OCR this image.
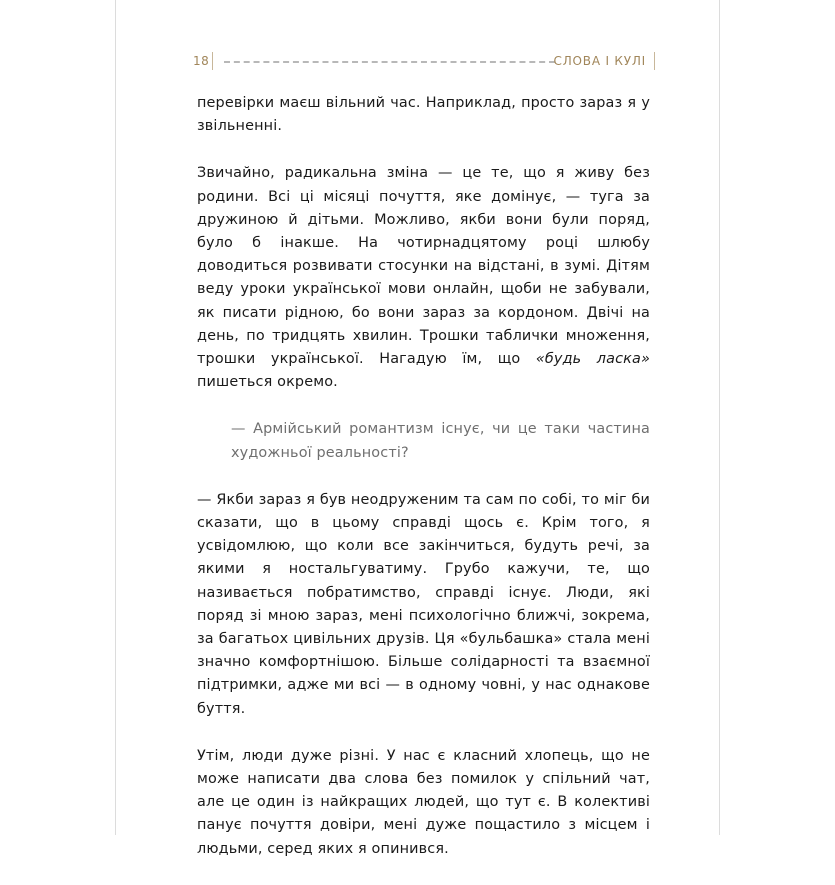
18	СЛОВА І КУЛІ

перевірки маєш вільний час. Наприклад, просто зараз я у звільненні.

Звичайно, радикальна зміна — це те, що я живу без родини. Всі ці місяці почуття, яке домінує, — туга за дружиною й дітьми. Можливо, якби вони були поряд, було б інакше. На чотирнадцятому році шлюбу доводиться розвивати стосунки на відстані, в зумі. Дітям веду уроки української мови онлайн, щоби не забували, як писати рідною, бо вони зараз за кордоном. Двічі на день, по тридцять хвилин. Трошки таблички множення, трошки української. Нагадую їм, що «будь ласка» пишеться окремо.

— Армійський романтизм існує, чи це таки частина художньої реальності?

— Якби зараз я був неодруженим та сам по собі, то міг би сказати, що в цьому справді щось є. Крім того, я усвідомлюю, що коли все закінчиться, будуть речі, за якими я ностальгуватиму. Грубо кажучи, те, що називається побратимство, справді існує. Люди, які поряд зі мною зараз, мені психологічно ближчі, зокрема, за багатьох цивільних друзів. Ця «бульбашка» стала мені значно комфортнішою. Більше солідарності та взаємної підтримки, адже ми всі — в одному човні, у нас однакове буття.

Утім, люди дуже різні. У нас є класний хлопець, що не може написати два слова без помилок у спільний чат, але це один із найкращих людей, що тут є. В колективі панує почуття довіри, мені дуже пощастило з місцем і людьми, серед яких я опинився.
